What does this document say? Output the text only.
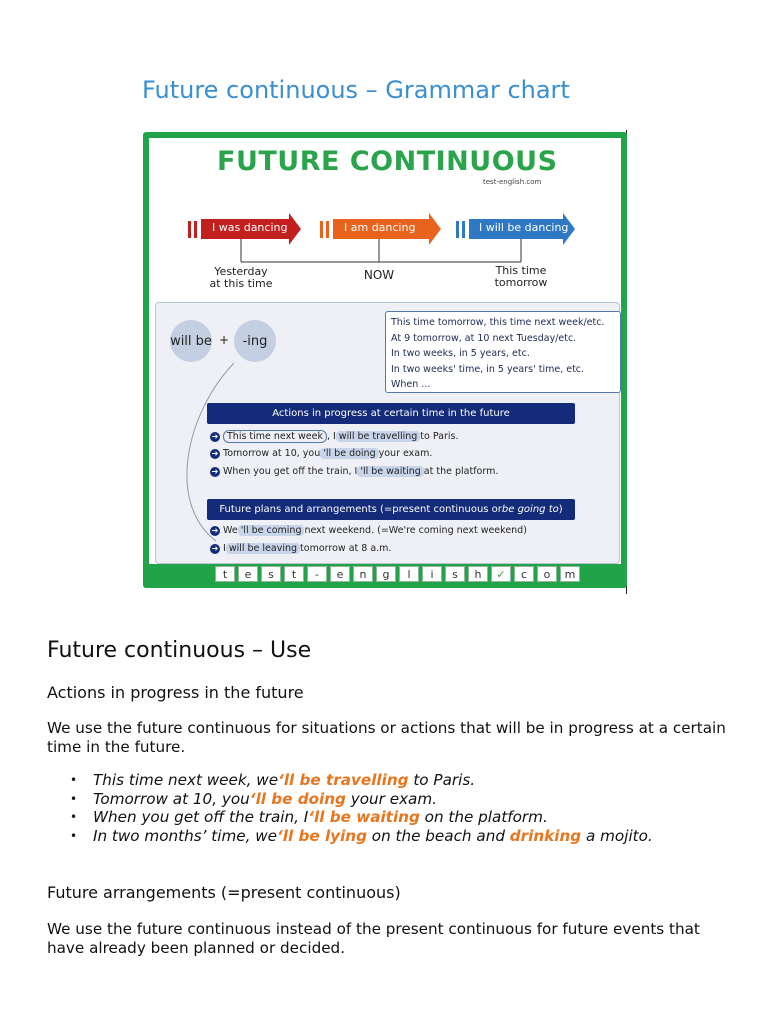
Future continuous – Grammar chart
FUTURE CONTINUOUS
test-english.com
I was dancing	I am dancing	I will be dancing
Yesterday
at this time
NOW	This time
tomorrow
will be +	-ing
This time tomorrow, this time next week/etc.
At 9 tomorrow, at 10 next Tuesday/etc.
In two weeks, in 5 years, etc.
In two weeks' time, in 5 years' time, etc.
When ...
Actions in progress at certain time in the future
➔ This time next week , I will be travelling to Paris.
➔ Tomorrow at 10, you 'll be doing your exam.
➔ When you get off the train, I 'll be waiting at the platform.
Future plans and arrangements (=present continuous or be going to )
➔ We 'll be coming next weekend. (=We're coming next weekend)
➔ I will be leaving tomorrow at 8 a.m.
t	e	s	t	-	e	n	g	l	i	s	h	✓	c	o	m
Future continuous – Use
Actions in progress in the future
We use the future continuous for situations or actions that will be in progress at a certain time in the future.
• This time next week, we‘ll be travelling to Paris.
• Tomorrow at 10, you‘ll be doing your exam.
• When you get off the train, I‘ll be waiting on the platform.
• In two months’ time, we‘ll be lying on the beach and drinking a mojito.
Future arrangements (=present continuous)
We use the future continuous instead of the present continuous for future events that have already been planned or decided.
